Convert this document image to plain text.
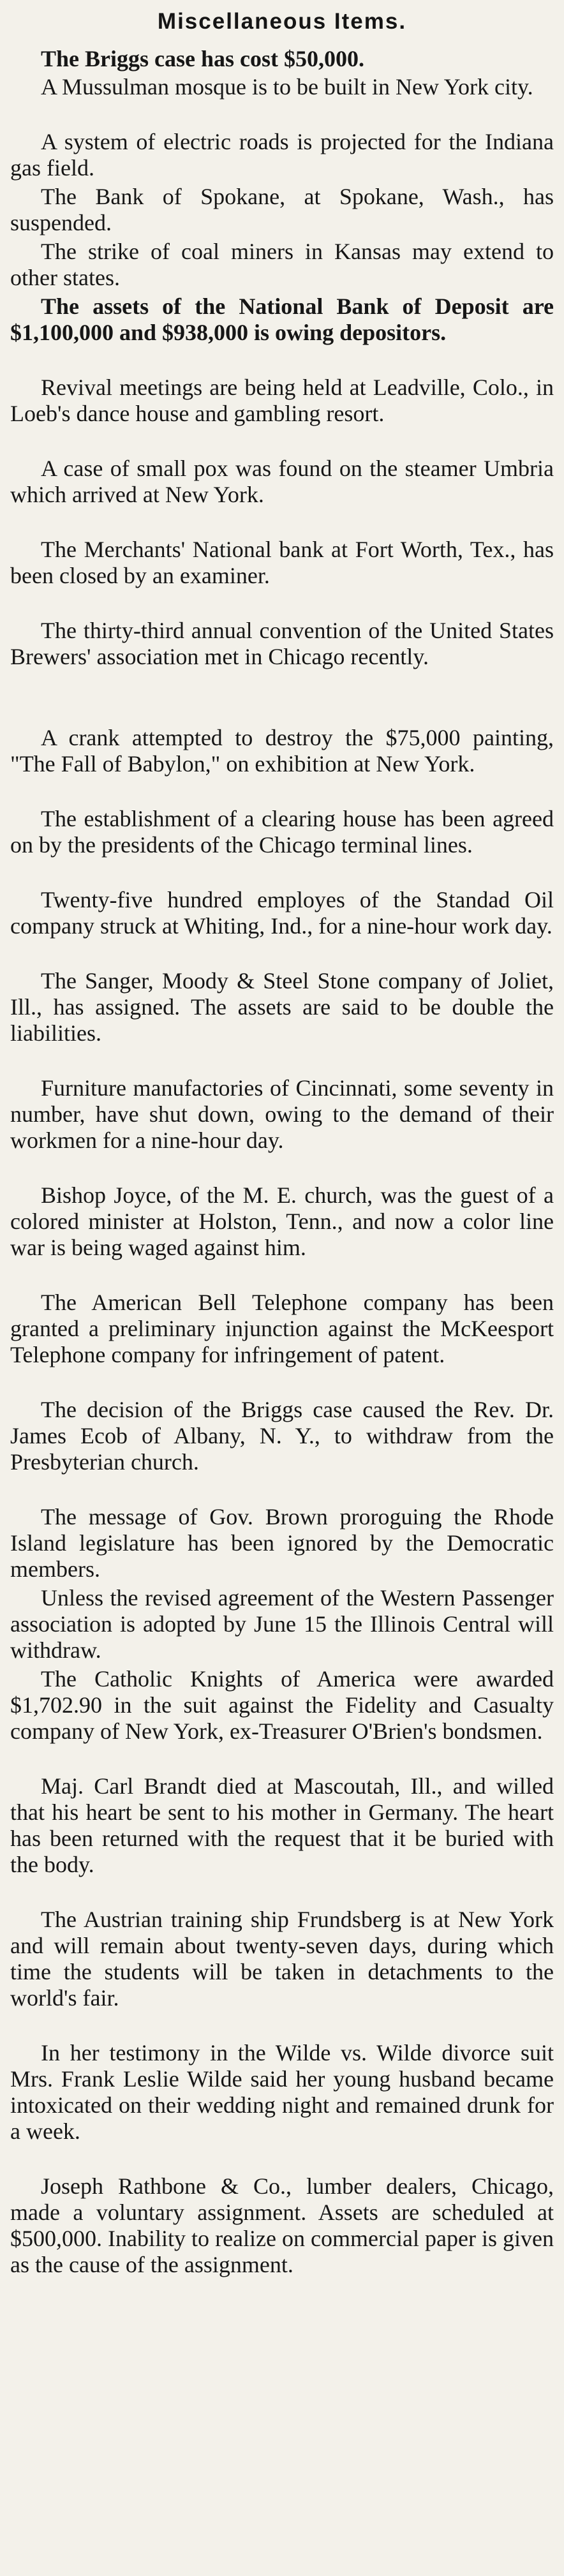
Miscellaneous Items.

The Briggs case has cost $50,000.

A Mussulman mosque is to be built in New York city.

A system of electric roads is projected for the Indiana gas field.

The Bank of Spokane, at Spokane, Wash., has suspended.

The strike of coal miners in Kansas may extend to other states.

The assets of the National Bank of Deposit are $1,100,000 and $938,000 is owing depositors.

Revival meetings are being held at Leadville, Colo., in Loeb's dance house and gambling resort.

A case of small pox was found on the steamer Umbria which arrived at New York.

The Merchants' National bank at Fort Worth, Tex., has been closed by an examiner.

The thirty-third annual convention of the United States Brewers' association met in Chicago recently.

A crank attempted to destroy the $75,000 painting, "The Fall of Babylon," on exhibition at New York.

The establishment of a clearing house has been agreed on by the presidents of the Chicago terminal lines.

Twenty-five hundred employes of the Standad Oil company struck at Whiting, Ind., for a nine-hour work day.

The Sanger, Moody & Steel Stone company of Joliet, Ill., has assigned. The assets are said to be double the liabilities.

Furniture manufactories of Cincinnati, some seventy in number, have shut down, owing to the demand of their workmen for a nine-hour day.

Bishop Joyce, of the M. E. church, was the guest of a colored minister at Holston, Tenn., and now a color line war is being waged against him.

The American Bell Telephone company has been granted a preliminary injunction against the McKeesport Telephone company for infringement of patent.

The decision of the Briggs case caused the Rev. Dr. James Ecob of Albany, N. Y., to withdraw from the Presbyterian church.

The message of Gov. Brown proroguing the Rhode Island legislature has been ignored by the Democratic members.

Unless the revised agreement of the Western Passenger association is adopted by June 15 the Illinois Central will withdraw.

The Catholic Knights of America were awarded $1,702.90 in the suit against the Fidelity and Casualty company of New York, ex-Treasurer O'Brien's bondsmen.

Maj. Carl Brandt died at Mascoutah, Ill., and willed that his heart be sent to his mother in Germany. The heart has been returned with the request that it be buried with the body.

The Austrian training ship Frundsberg is at New York and will remain about twenty-seven days, during which time the students will be taken in detachments to the world's fair.

In her testimony in the Wilde vs. Wilde divorce suit Mrs. Frank Leslie Wilde said her young husband became intoxicated on their wedding night and remained drunk for a week.

Joseph Rathbone & Co., lumber dealers, Chicago, made a voluntary assignment. Assets are scheduled at $500,000. Inability to realize on commercial paper is given as the cause of the assignment.
